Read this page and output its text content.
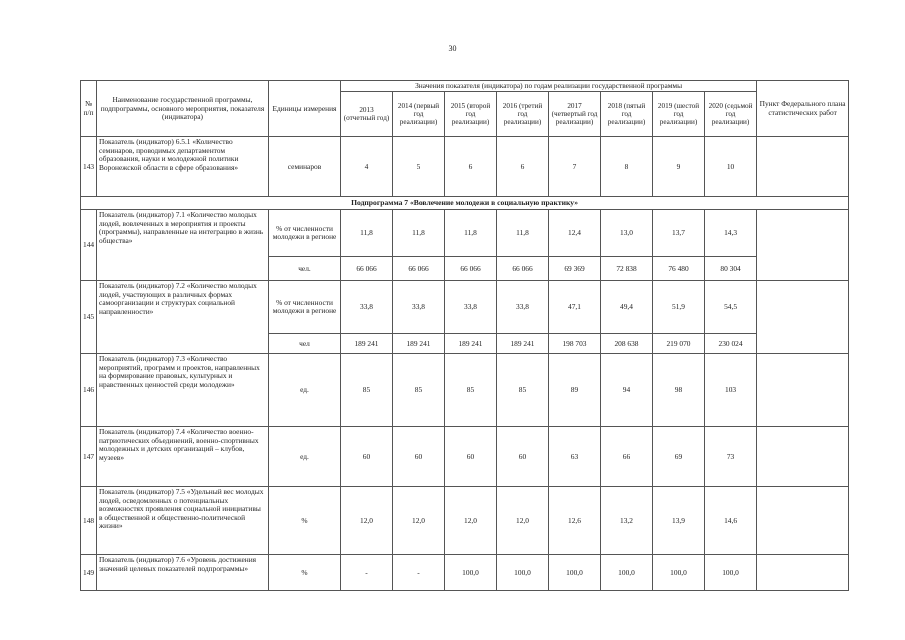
30
№ п/п	Наименование государственной программы, подпрограммы, основного мероприятия, показателя (индикатора)	Единицы измерения	Значения показателя (индикатора) по годам реализации государственной программы								Пункт Федерального плана статистических работ
			2013 (отчетный год)	2014 (первый год реализации)	2015 (второй год реализации)	2016 (третий год реализации)	2017 (четвертый год реализации)	2018 (пятый год реализации)	2019 (шестой год реализации)	2020 (седьмой год реализации)	
143	Показатель (индикатор) 6.5.1 «Количество семинаров, проводимых департаментом образования, науки и молодежной политики Воронежской области в сфере образования»	семинаров	4	5	6	6	7	8	9	10	
Подпрограмма 7 «Вовлечение молодежи в социальную практику»											
144	Показатель (индикатор) 7.1 «Количество молодых людей, вовлеченных в мероприятия и проекты (программы), направленные на интеграцию в жизнь общества»	% от численности молодежи в регионе	11,8	11,8	11,8	11,8	12,4	13,0	13,7	14,3	
		чел.	66 066	66 066	66 066	66 066	69 369	72 838	76 480	80 304	
145	Показатель (индикатор) 7.2 «Количество молодых людей, участвующих в различных формах самоорганизации и структурах социальной направленности»	% от численности молодежи в регионе	33,8	33,8	33,8	33,8	47,1	49,4	51,9	54,5	
		чел	189 241	189 241	189 241	189 241	198 703	208 638	219 070	230 024	
146	Показатель (индикатор) 7.3 «Количество мероприятий, программ и проектов, направленных на формирование правовых, культурных и нравственных ценностей среди молодежи»	ед.	85	85	85	85	89	94	98	103	
147	Показатель (индикатор) 7.4 «Количество военно-патриотических объединений, военно-спортивных молодежных и детских организаций – клубов, музеев»	ед.	60	60	60	60	63	66	69	73	
148	Показатель (индикатор) 7.5 «Удельный вес молодых людей, осведомленных о потенциальных возможностях проявления социальной инициативы в общественной и общественно-политической жизни»	%	12,0	12,0	12,0	12,0	12,6	13,2	13,9	14,6	
149	Показатель (индикатор) 7.6 «Уровень достижения значений целевых показателей подпрограммы»	%	-	-	100,0	100,0	100,0	100,0	100,0	100,0	
